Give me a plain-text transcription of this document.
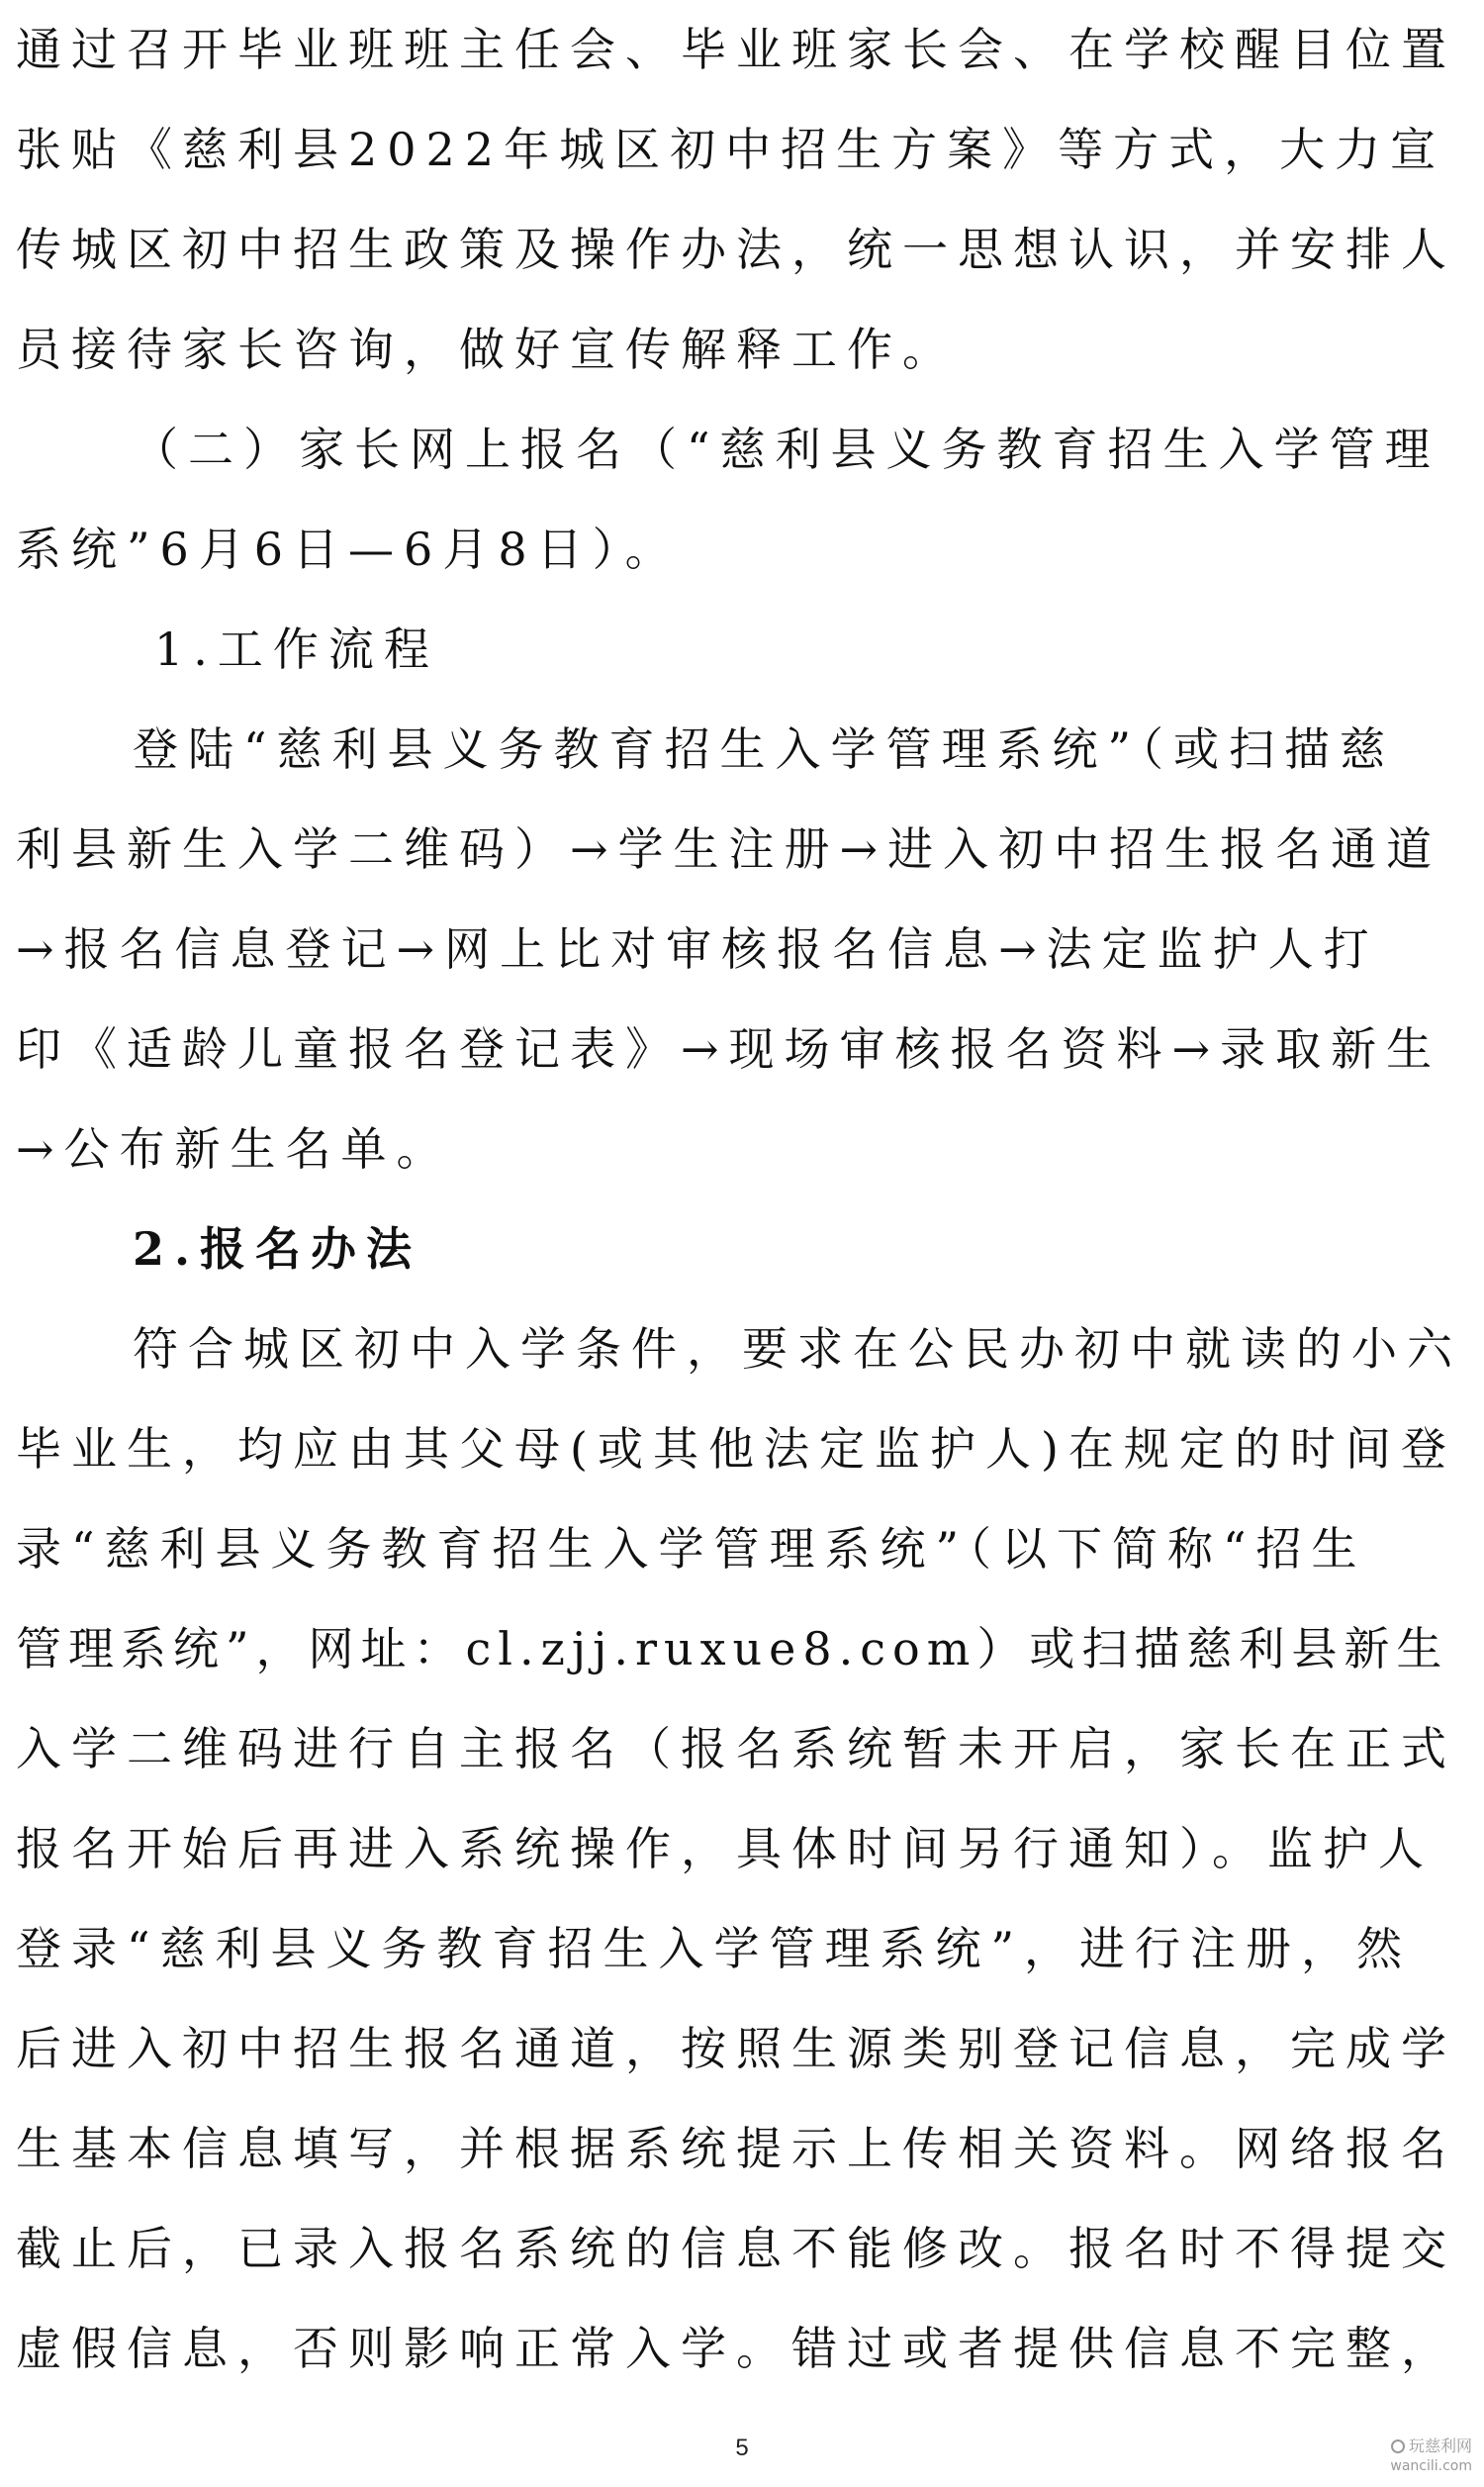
通过召开毕业班班主任会、毕业班家长会、在学校醒目位置
张贴《慈利县2022年城区初中招生方案》等方式，大力宣
传城区初中招生政策及操作办法，统一思想认识，并安排人
员接待家长咨询，做好宣传解释工作。
（二）家长网上报名（“慈利县义务教育招生入学管理
系统”6月6日—6月8日）。
1.工作流程
登陆“慈利县义务教育招生入学管理系统”（或扫描慈
利县新生入学二维码）→学生注册→进入初中招生报名通道
→报名信息登记→网上比对审核报名信息→法定监护人打
印《适龄儿童报名登记表》→现场审核报名资料→录取新生
→公布新生名单。
2.报名办法
符合城区初中入学条件，要求在公民办初中就读的小六
毕业生，均应由其父母(或其他法定监护人)在规定的时间登
录“慈利县义务教育招生入学管理系统”（以下简称“招生
管理系统”，网址：cl.zjj.ruxue8.com）或扫描慈利县新生
入学二维码进行自主报名（报名系统暂未开启，家长在正式
报名开始后再进入系统操作，具体时间另行通知）。监护人
登录“慈利县义务教育招生入学管理系统”，进行注册，然
后进入初中招生报名通道，按照生源类别登记信息，完成学
生基本信息填写，并根据系统提示上传相关资料。网络报名
截止后，已录入报名系统的信息不能修改。报名时不得提交
虚假信息，否则影响正常入学。错过或者提供信息不完整，
5	玩慈利网
wancili.com
